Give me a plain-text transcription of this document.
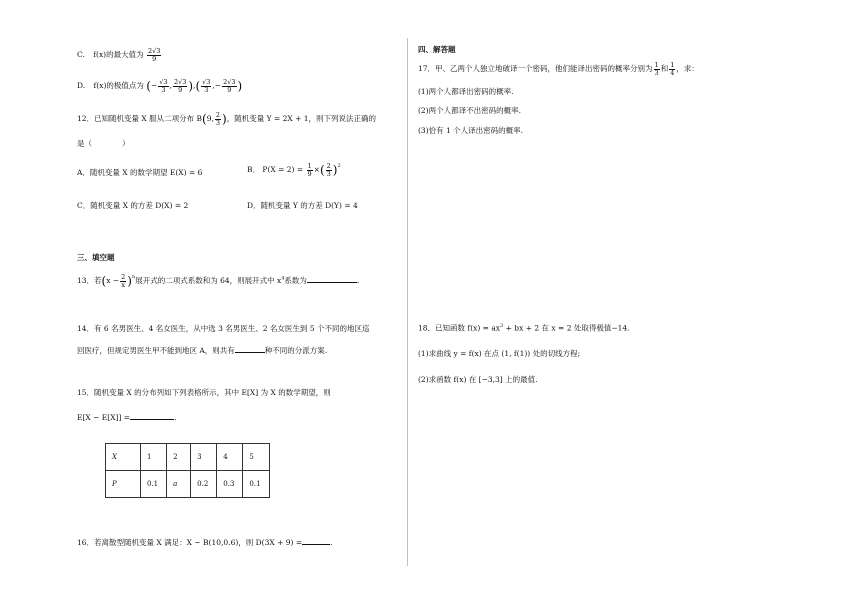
C. f(x)的最大值为 $\frac{2√3}{9}$
D. f(x)的极值点为 (− $\frac{√3}{3}$ , $\frac{2√3}{9}$ ),( $\frac{√3}{3}$ ,− $\frac{2√3}{9}$ )
12．已知随机变量 X 服从二项分布 B(9, $\frac{2}{3}$ )，随机变量 Y = 2X + 1，则下列说法正确的
是（　　　　）
A．随机变量 X 的数学期望 E(X) = 6	B． $P(X = 2) = \frac{1}{9}$ ×( $\frac{2}{3} )^2$
C．随机变量 X 的方差 D(X) = 2	D．随机变量 Y 的方差 D(Y) = 4
三、填空题
13．若$(x - \frac{2}{x} )^n$展开式的二项式系数和为 64，则展开式中 $x^4$系数为	.
14．有 6 名男医生、4 名女医生，从中选 3 名男医生、2 名女医生到 5 个不同的地区巡
回医疗，但规定男医生甲不能到地区 A，则共有	种不同的分派方案.
15．随机变量 X 的分布列如下列表格所示，其中 E[X] 为 X 的数学期望，则
E[X − E[X]] =	.
X	1	2	3	4	5
P	0.1	a	0.2	0.3	0.1
16．若离散型随机变量 X 满足：X ~ B(10,0.6)，则 D(3X + 9) =	.
四、解答题
17．甲、乙两个人独立地破译一个密码，他们能译出密码的概率分别为 $\frac{1}{3}$ 和 $\frac{1}{4}$ ，求：
(1)两个人都译出密码的概率.
(2)两个人都译不出密码的概率.
(3)恰有 1 个人译出密码的概率.
18．已知函数 $f(x) = ax^3$ + bx + 2 在 x = 2 处取得极值−14.
(1)求曲线 y = f(x) 在点 (1, f(1)) 处的切线方程;
(2)求函数 f(x) 在 [−3,3] 上的最值.
